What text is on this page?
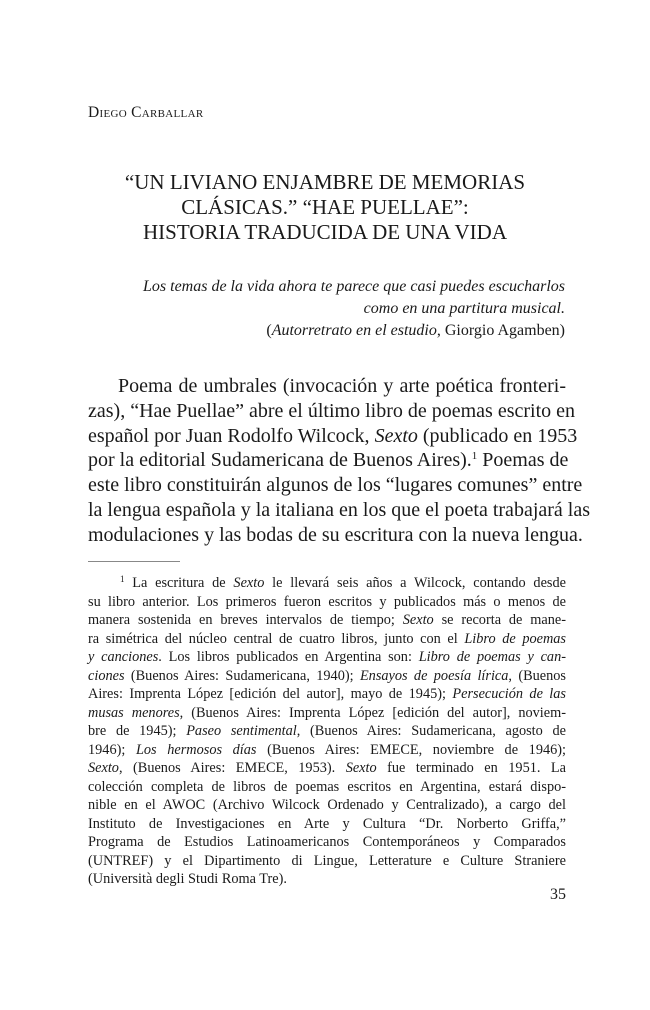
Diego Carballar
“UN LIVIANO ENJAMBRE DE MEMORIAS
CLÁSICAS.” “HAE PUELLAE”:
HISTORIA TRADUCIDA DE UNA VIDA
Los temas de la vida ahora te parece que casi puedes escucharlos
como en una partitura musical.
(Autorretrato en el estudio, Giorgio Agamben)
Poema de umbrales (invocación y arte poética fronteri-
zas), “Hae Puellae” abre el último libro de poemas escrito en
español por Juan Rodolfo Wilcock, Sexto (publicado en 1953
por la editorial Sudamericana de Buenos Aires).$^1$ Poemas de
este libro constituirán algunos de los “lugares comunes” entre
la lengua española y la italiana en los que el poeta trabajará las
modulaciones y las bodas de su escritura con la nueva lengua.
$^1$ La escritura de Sexto le llevará seis años a Wilcock, contando desde
su libro anterior. Los primeros fueron escritos y publicados más o menos de
manera sostenida en breves intervalos de tiempo; Sexto se recorta de mane-
ra simétrica del núcleo central de cuatro libros, junto con el Libro de poemas
y canciones. Los libros publicados en Argentina son: Libro de poemas y can-
ciones (Buenos Aires: Sudamericana, 1940); Ensayos de poesía lírica, (Buenos
Aires: Imprenta López [edición del autor], mayo de 1945); Persecución de las
musas menores, (Buenos Aires: Imprenta López [edición del autor], noviem-
bre de 1945); Paseo sentimental, (Buenos Aires: Sudamericana, agosto de
1946); Los hermosos días (Buenos Aires: EMECE, noviembre de 1946);
Sexto, (Buenos Aires: EMECE, 1953). Sexto fue terminado en 1951. La
colección completa de libros de poemas escritos en Argentina, estará dispo-
nible en el AWOC (Archivo Wilcock Ordenado y Centralizado), a cargo del
Instituto de Investigaciones en Arte y Cultura “Dr. Norberto Griffa,”
Programa de Estudios Latinoamericanos Contemporáneos y Comparados
(UNTREF) y el Dipartimento di Lingue, Letterature e Culture Straniere
(Università degli Studi Roma Tre).
35
